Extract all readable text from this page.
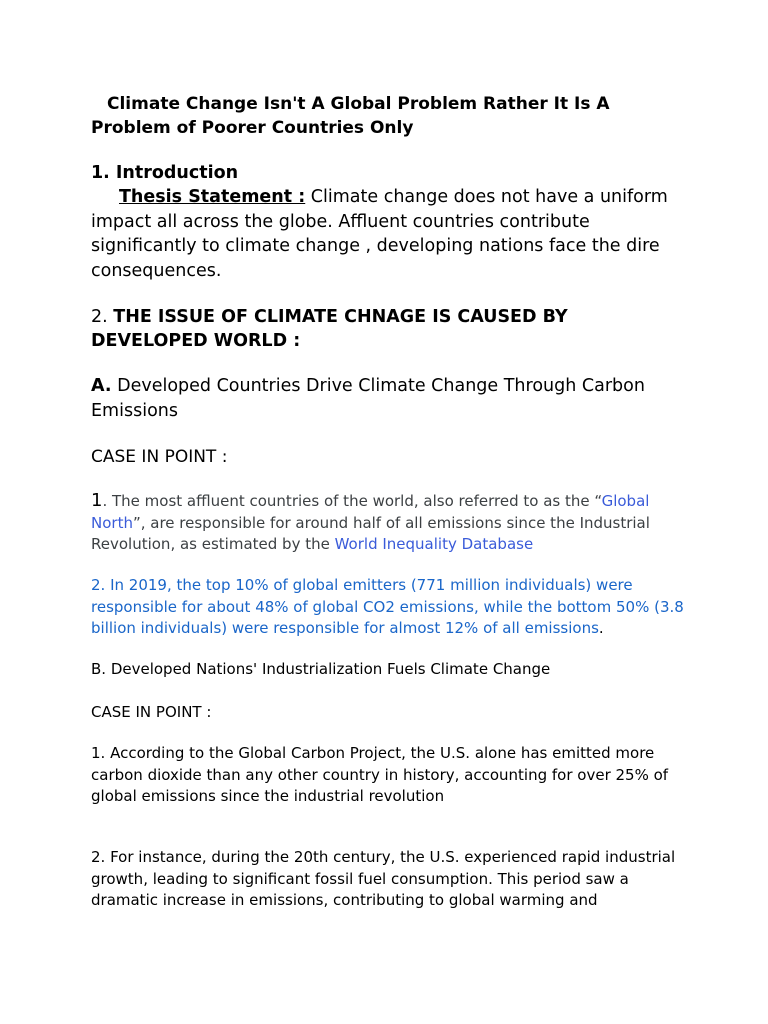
Climate Change Isn't A Global Problem Rather It Is A Problem of Poorer Countries Only
1. Introduction
Thesis Statement : Climate change does not have a uniform impact all across the globe. Affluent countries contribute significantly to climate change , developing nations face the dire consequences.
2. THE ISSUE OF CLIMATE CHNAGE IS CAUSED BY DEVELOPED WORLD :
A. Developed Countries Drive Climate Change Through Carbon Emissions
CASE IN POINT :
1. The most affluent countries of the world, also referred to as the “Global North”, are responsible for around half of all emissions since the Industrial Revolution, as estimated by the World Inequality Database
2. In 2019, the top 10% of global emitters (771 million individuals) were responsible for about 48% of global CO2 emissions, while the bottom 50% (3.8 billion individuals) were responsible for almost 12% of all emissions.
B. Developed Nations' Industrialization Fuels Climate Change
CASE IN POINT :
1. According to the Global Carbon Project, the U.S. alone has emitted more carbon dioxide than any other country in history, accounting for over 25% of global emissions since the industrial revolution
2. For instance, during the 20th century, the U.S. experienced rapid industrial growth, leading to significant fossil fuel consumption. This period saw a dramatic increase in emissions, contributing to global warming and
